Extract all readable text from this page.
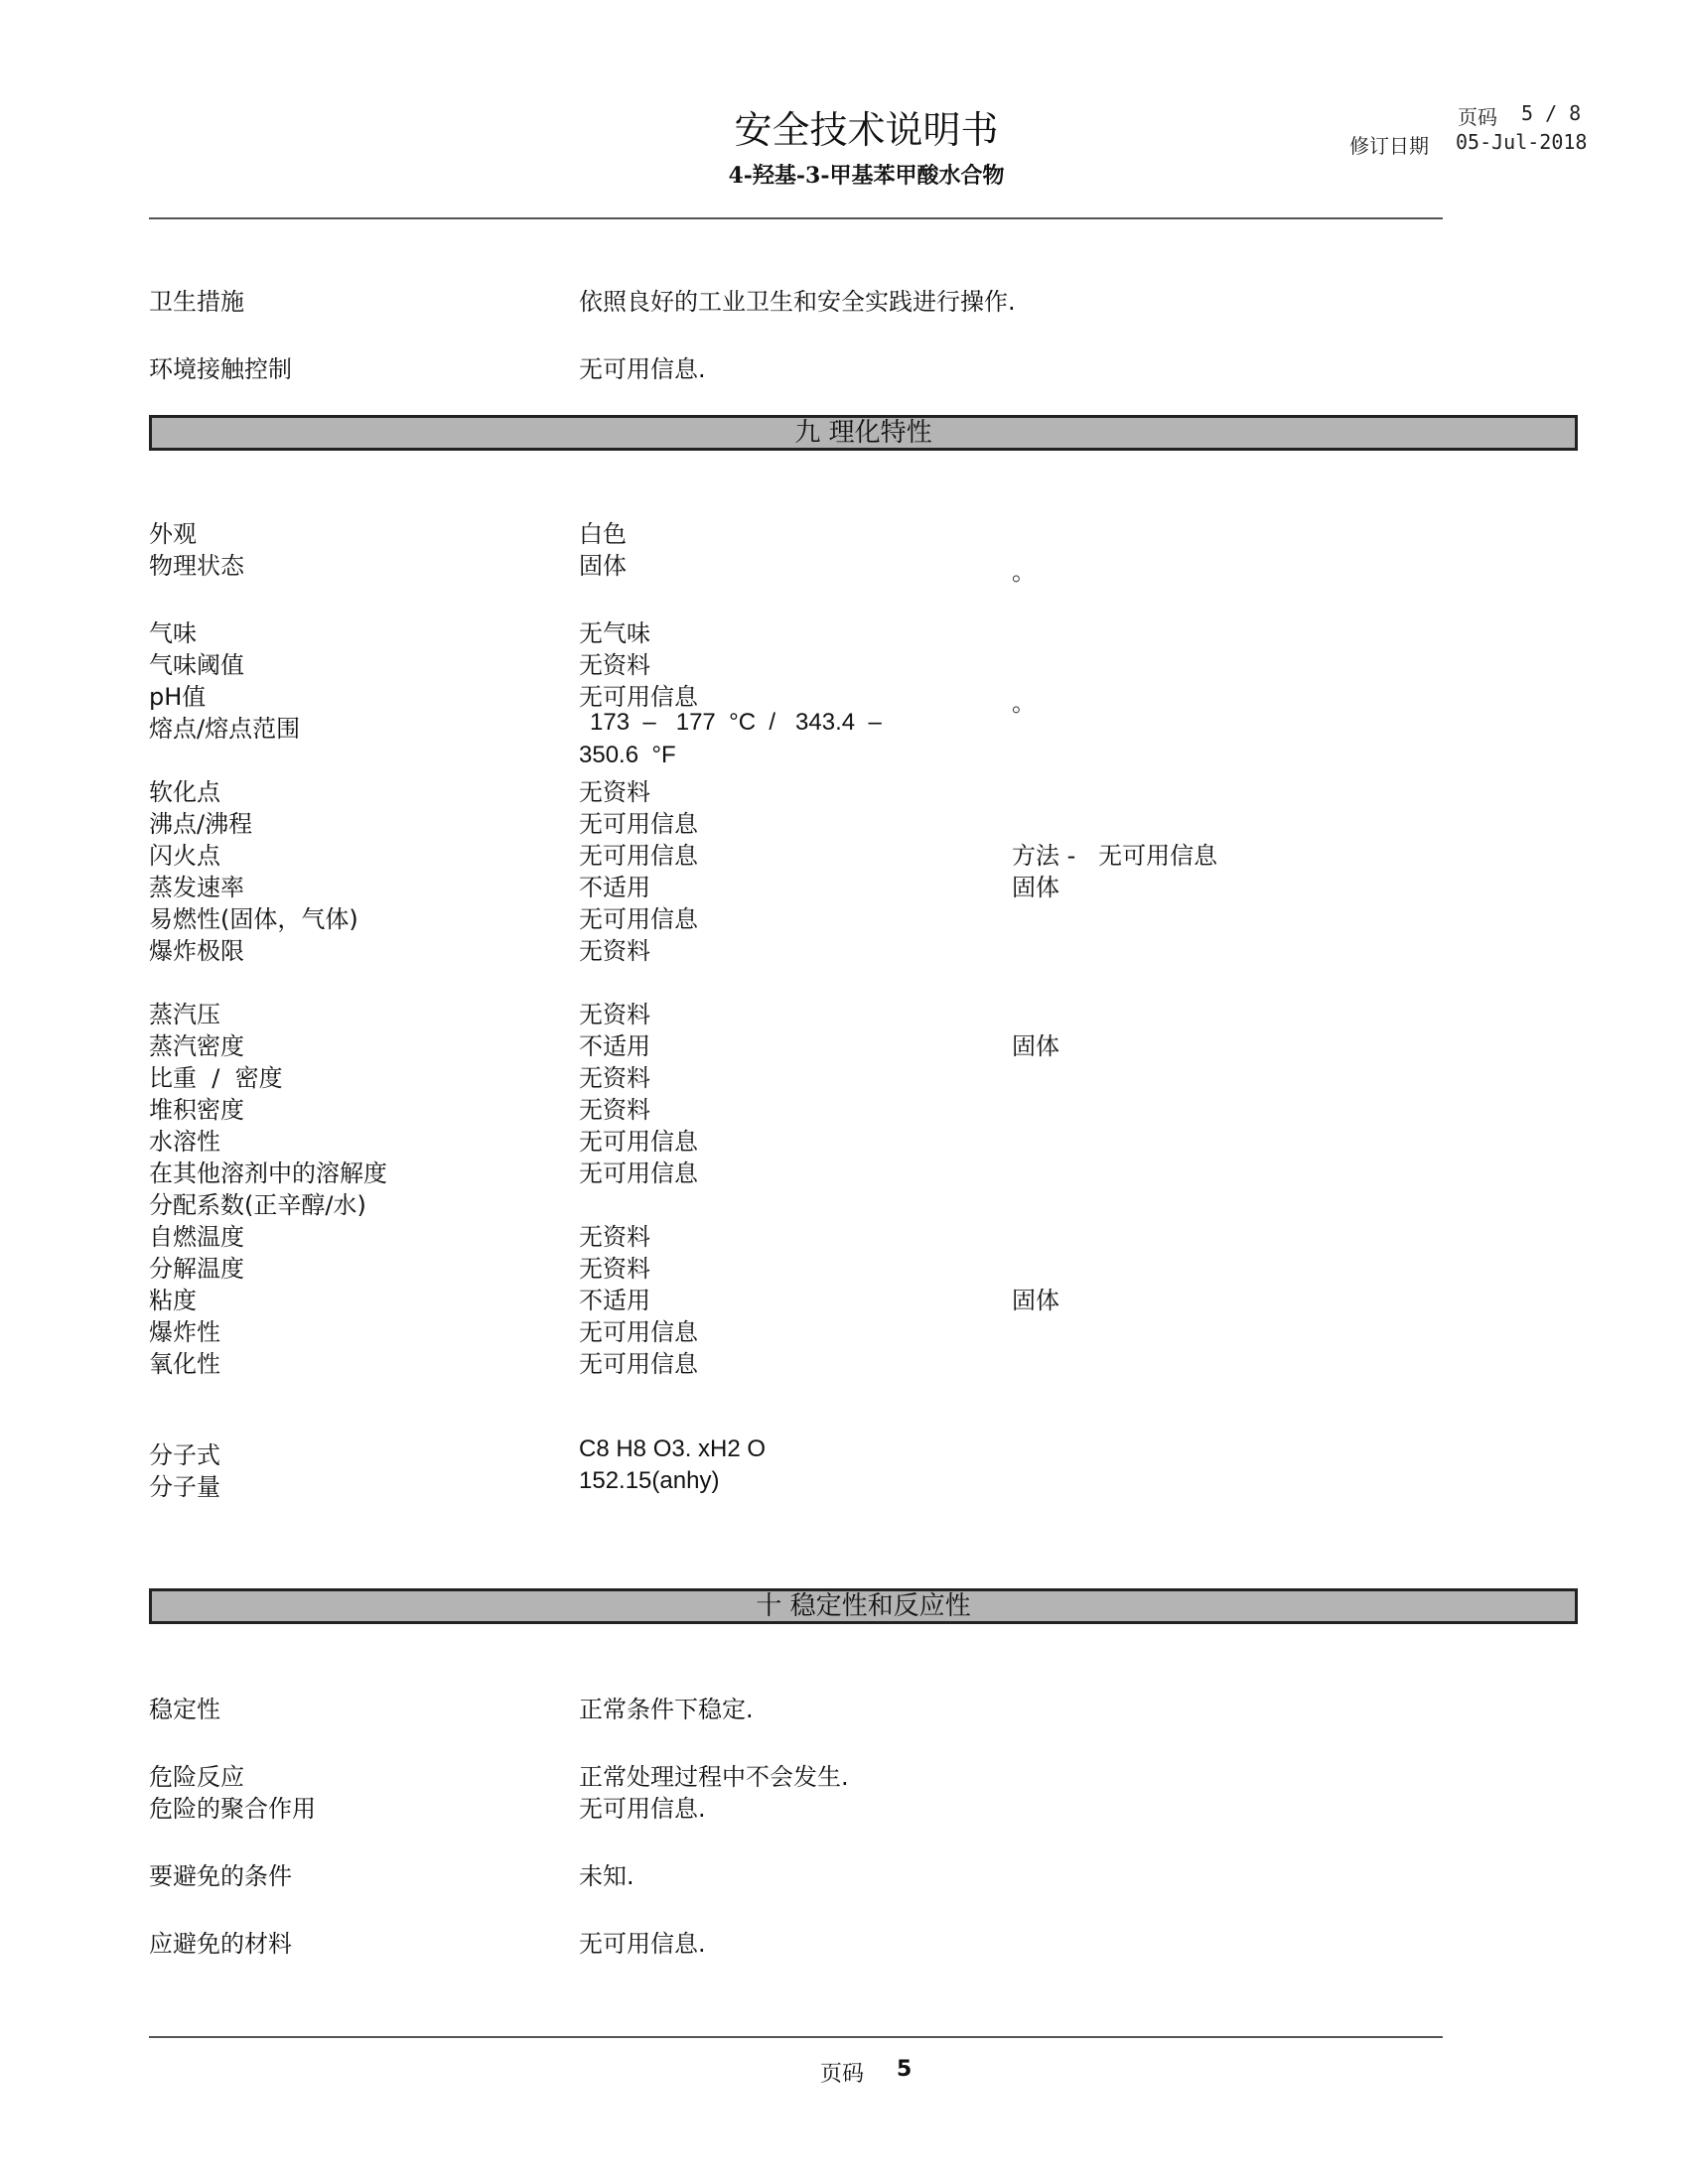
安全技术说明书
4-羟基-3-甲基苯甲酸水合物
页码 5 / 8
修订日期 05-Jul-2018
卫生措施	依照良好的工业卫生和安全实践进行操作.
环境接触控制	无可用信息.
九 理化特性
外观	白色
物理状态	固体	。
气味	无气味
气味阈值	无资料
pH值	无可用信息	。
熔点/熔点范围	173  –   177  °C  /   343.4  –
350.6  °F
软化点	无资料
沸点/沸程	无可用信息
闪火点	无可用信息	方法 -   无可用信息
蒸发速率	不适用	固体
易燃性(固体，气体)	无可用信息
爆炸极限	无资料
蒸汽压	无资料
蒸汽密度	不适用	固体
比重  /  密度	无资料
堆积密度	无资料
水溶性	无可用信息
在其他溶剂中的溶解度	无可用信息
分配系数(正辛醇/水)
自燃温度	无资料
分解温度	无资料
粘度	不适用	固体
爆炸性	无可用信息
氧化性	无可用信息
分子式	C8 H8 O3. xH2 O
分子量	152.15(anhy)
十 稳定性和反应性
稳定性	正常条件下稳定.
危险反应	正常处理过程中不会发生.
危险的聚合作用	无可用信息.
要避免的条件	未知.
应避免的材料	无可用信息.
页码 5
